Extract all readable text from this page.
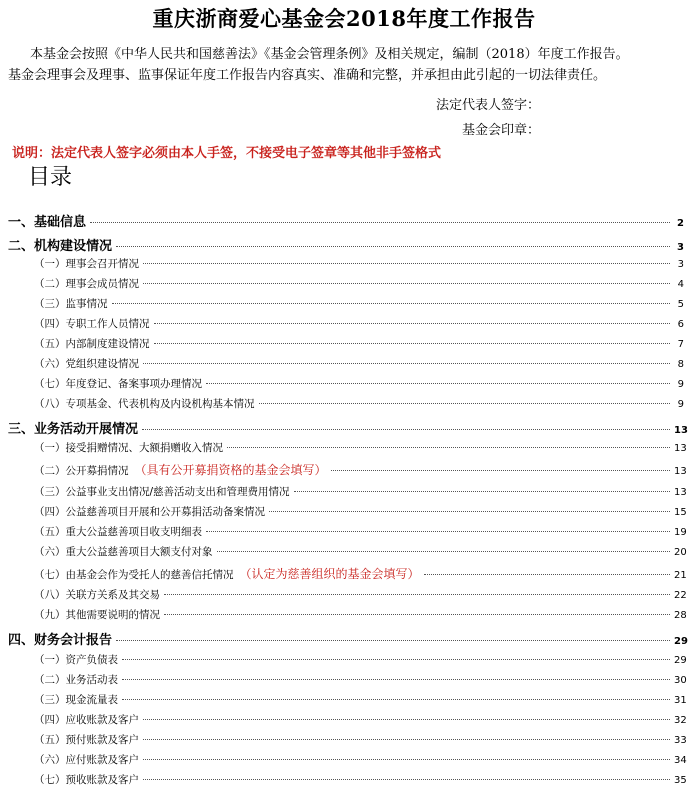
重庆浙商爱心基金会2018年度工作报告
本基金会按照《中华人民共和国慈善法》《基金会管理条例》及相关规定，编制（2018）年度工作报告。
基金会理事会及理事、监事保证年度工作报告内容真实、准确和完整，并承担由此引起的一切法律责任。
法定代表人签字：
基金会印章：
说明：法定代表人签字必须由本人手签，不接受电子签章等其他非手签格式
目录
一、基础信息	2
二、机构建设情况	3
（一）理事会召开情况	3
（二）理事会成员情况	4
（三）监事情况	5
（四）专职工作人员情况	6
（五）内部制度建设情况	7
（六）党组织建设情况	8
（七）年度登记、备案事项办理情况	9
（八）专项基金、代表机构及内设机构基本情况	9
三、业务活动开展情况	13
（一）接受捐赠情况、大额捐赠收入情况	13
（二）公开募捐情况 （具有公开募捐资格的基金会填写）	13
（三）公益事业支出情况/慈善活动支出和管理费用情况	13
（四）公益慈善项目开展和公开募捐活动备案情况	15
（五）重大公益慈善项目收支明细表	19
（六）重大公益慈善项目大额支付对象	20
（七）由基金会作为受托人的慈善信托情况 （认定为慈善组织的基金会填写）	21
（八）关联方关系及其交易	22
（九）其他需要说明的情况	28
四、财务会计报告	29
（一）资产负债表	29
（二）业务活动表	30
（三）现金流量表	31
（四）应收账款及客户	32
（五）预付账款及客户	33
（六）应付账款及客户	34
（七）预收账款及客户	35
